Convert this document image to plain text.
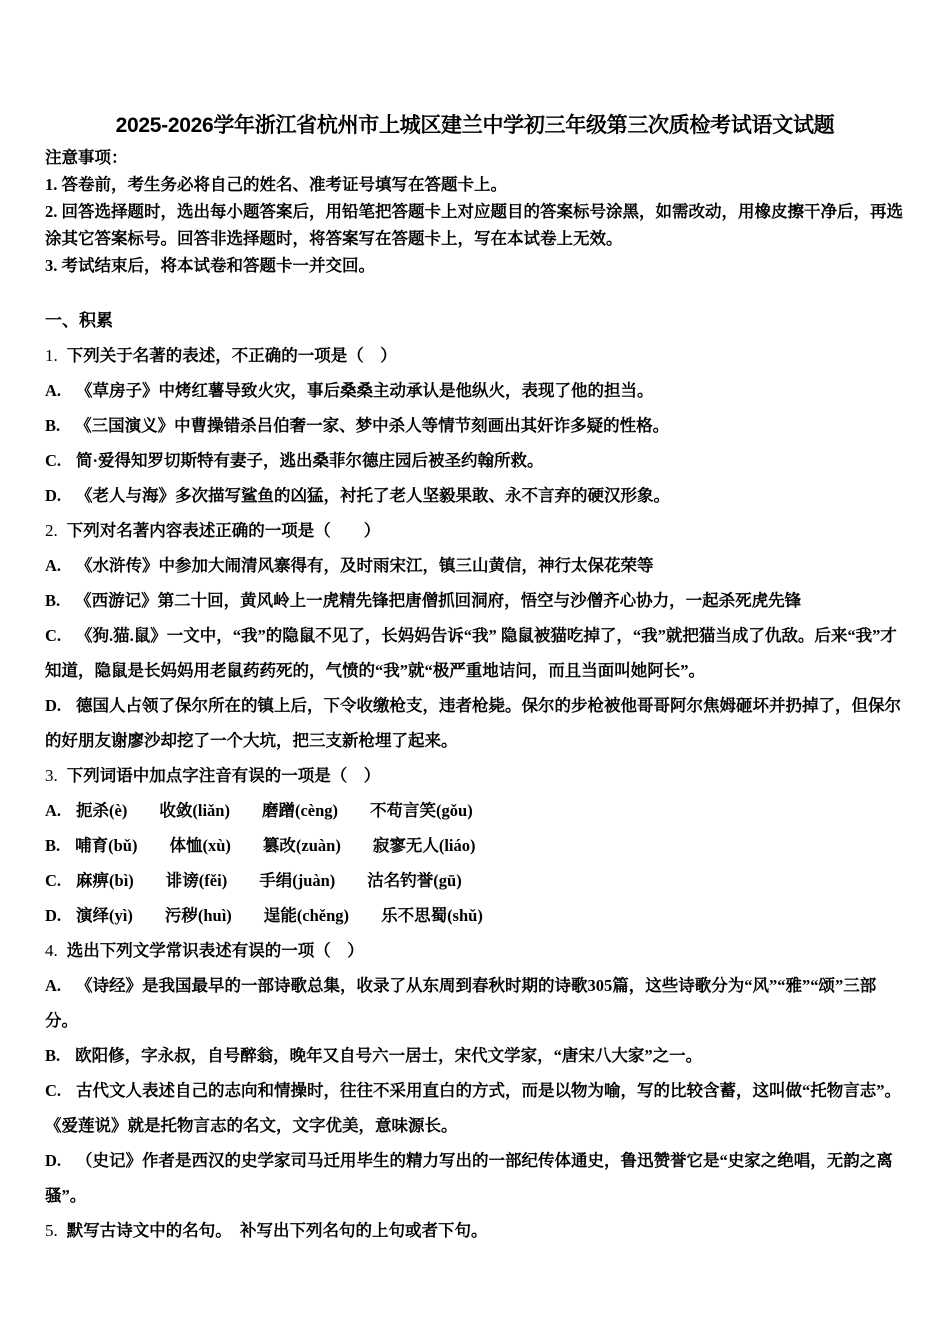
2025-2026学年浙江省杭州市上城区建兰中学初三年级第三次质检考试语文试题
注意事项：
1. 答卷前，考生务必将自己的姓名、准考证号填写在答题卡上。
2. 回答选择题时，选出每小题答案后，用铅笔把答题卡上对应题目的答案标号涂黑，如需改动，用橡皮擦干净后，再选涂其它答案标号。回答非选择题时，将答案写在答题卡上，写在本试卷上无效。
3. 考试结束后，将本试卷和答题卡一并交回。
一、积累
1. 下列关于名著的表述，不正确的一项是（　）
A. 《草房子》中烤红薯导致火灾，事后桑桑主动承认是他纵火，表现了他的担当。
B. 《三国演义》中曹操错杀吕伯奢一家、梦中杀人等情节刻画出其奸诈多疑的性格。
C. 简·爱得知罗切斯特有妻子，逃出桑菲尔德庄园后被圣约翰所救。
D. 《老人与海》多次描写鲨鱼的凶猛，衬托了老人坚毅果敢、永不言弃的硬汉形象。
2. 下列对名著内容表述正确的一项是（　　）
A. 《水浒传》中参加大闹清风寨得有，及时雨宋江，镇三山黄信，神行太保花荣等
B. 《西游记》第二十回，黄风岭上一虎精先锋把唐僧抓回洞府，悟空与沙僧齐心协力，一起杀死虎先锋
C. 《狗.猫.鼠》一文中，“我”的隐鼠不见了，长妈妈告诉“我” 隐鼠被猫吃掉了，“我”就把猫当成了仇敌。后来“我”才知道，隐鼠是长妈妈用老鼠药药死的，气愤的“我”就“极严重地诘问，而且当面叫她阿长”。
D. 德国人占领了保尔所在的镇上后，下令收缴枪支，违者枪毙。保尔的步枪被他哥哥阿尔焦姆砸坏并扔掉了，但保尔的好朋友谢廖沙却挖了一个大坑，把三支新枪埋了起来。
3. 下列词语中加点字注音有误的一项是（　）
A. 扼杀(è) 收敛(liǎn) 磨蹭(cèng) 不苟言笑(gǒu)
B. 哺育(bǔ) 体恤(xù) 篡改(zuàn) 寂寥无人(liáo)
C. 麻痹(bì) 诽谤(fěi) 手绢(juàn) 沽名钓誉(gū)
D. 演绎(yì) 污秽(huì) 逞能(chěng) 乐不思蜀(shǔ)
4. 选出下列文学常识表述有误的一项（　）
A. 《诗经》是我国最早的一部诗歌总集，收录了从东周到春秋时期的诗歌305篇，这些诗歌分为“风”“雅”“颂”三部分。
B. 欧阳修，字永叔，自号醉翁，晚年又自号六一居士，宋代文学家，“唐宋八大家”之一。
C. 古代文人表述自己的志向和情操时，往往不采用直白的方式，而是以物为喻，写的比较含蓄，这叫做“托物言志”。《爱莲说》就是托物言志的名文，文字优美，意味源长。
D. （史记》作者是西汉的史学家司马迁用毕生的精力写出的一部纪传体通史，鲁迅赞誉它是“史家之绝唱，无韵之离骚”。
5. 默写古诗文中的名句。　补写出下列名句的上句或者下句。
